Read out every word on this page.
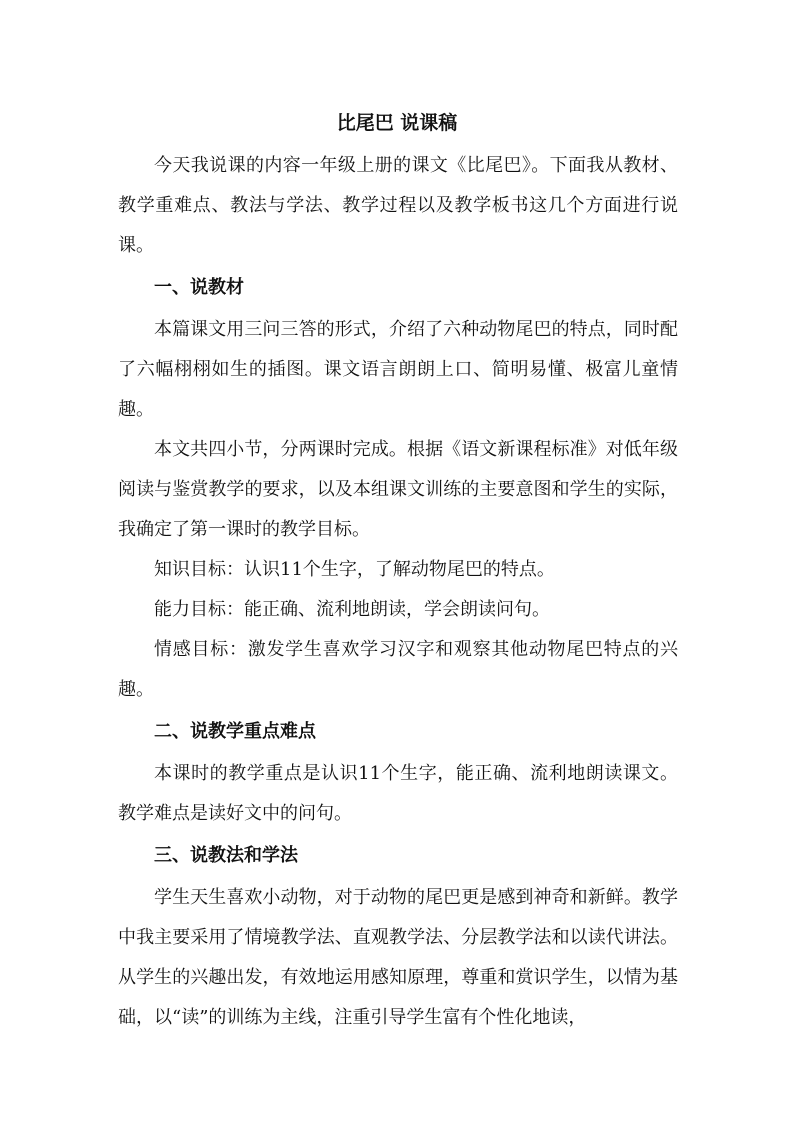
比尾巴 说课稿

今天我说课的内容一年级上册的课文《比尾巴》。下面我从教材、教学重难点、教法与学法、教学过程以及教学板书这几个方面进行说课。

一、说教材

本篇课文用三问三答的形式，介绍了六种动物尾巴的特点，同时配了六幅栩栩如生的插图。课文语言朗朗上口、简明易懂、极富儿童情趣。

本文共四小节，分两课时完成。根据《语文新课程标准》对低年级阅读与鉴赏教学的要求，以及本组课文训练的主要意图和学生的实际，我确定了第一课时的教学目标。

知识目标：认识11个生字，了解动物尾巴的特点。

能力目标：能正确、流利地朗读，学会朗读问句。

情感目标：激发学生喜欢学习汉字和观察其他动物尾巴特点的兴趣。

二、说教学重点难点

本课时的教学重点是认识11个生字，能正确、流利地朗读课文。教学难点是读好文中的问句。

三、说教法和学法

学生天生喜欢小动物，对于动物的尾巴更是感到神奇和新鲜。教学中我主要采用了情境教学法、直观教学法、分层教学法和以读代讲法。从学生的兴趣出发，有效地运用感知原理，尊重和赏识学生，以情为基础，以“读”的训练为主线，注重引导学生富有个性化地读，
